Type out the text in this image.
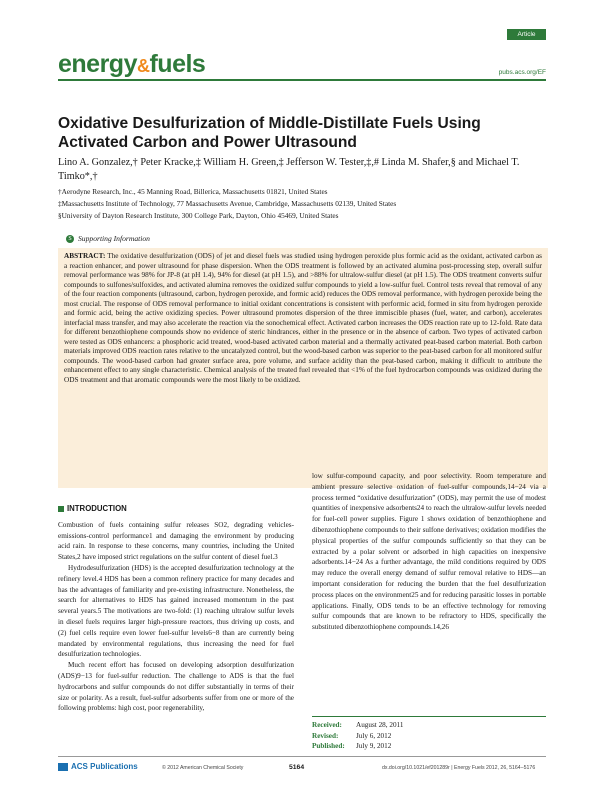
Article
energy&fuels	pubs.acs.org/EF
Oxidative Desulfurization of Middle-Distillate Fuels Using Activated Carbon and Power Ultrasound
Lino A. Gonzalez,† Peter Kracke,‡ William H. Green,‡ Jefferson W. Tester,‡,# Linda M. Shafer,§ and Michael T. Timko*,†
†Aerodyne Research, Inc., 45 Manning Road, Billerica, Massachusetts 01821, United States
‡Massachusetts Institute of Technology, 77 Massachusetts Avenue, Cambridge, Massachusetts 02139, United States
§University of Dayton Research Institute, 300 College Park, Dayton, Ohio 45469, United States
S Supporting Information
ABSTRACT: The oxidative desulfurization (ODS) of jet and diesel fuels was studied using hydrogen peroxide plus formic acid as the oxidant, activated carbon as a reaction enhancer, and power ultrasound for phase dispersion. When the ODS treatment is followed by an activated alumina post-processing step, overall sulfur removal performance was 98% for JP-8 (at pH 1.4), 94% for diesel (at pH 1.5), and >88% for ultralow-sulfur diesel (at pH 1.5). The ODS treatment converts sulfur compounds to sulfones/sulfoxides, and activated alumina removes the oxidized sulfur compounds to yield a low-sulfur fuel. Control tests reveal that removal of any of the four reaction components (ultrasound, carbon, hydrogen peroxide, and formic acid) reduces the ODS removal performance, with hydrogen peroxide being the most crucial. The response of ODS removal performance to initial oxidant concentrations is consistent with performic acid, formed in situ from hydrogen peroxide and formic acid, being the active oxidizing species. Power ultrasound promotes dispersion of the three immiscible phases (fuel, water, and carbon), accelerates interfacial mass transfer, and may also accelerate the reaction via the sonochemical effect. Activated carbon increases the ODS reaction rate up to 12-fold. Rate data for different benzothiophene compounds show no evidence of steric hindrances, either in the presence or in the absence of carbon. Two types of activated carbon were tested as ODS enhancers: a phosphoric acid treated, wood-based activated carbon material and a thermally activated peat-based carbon material. Both carbon materials improved ODS reaction rates relative to the uncatalyzed control, but the wood-based carbon was superior to the peat-based carbon for all monitored sulfur compounds. The wood-based carbon had greater surface area, pore volume, and surface acidity than the peat-based carbon, making it difficult to attribute the enhancement effect to any single characteristic. Chemical analysis of the treated fuel revealed that <1% of the fuel hydrocarbon compounds was oxidized during the ODS treatment and that aromatic compounds were the most likely to be oxidized.
INTRODUCTION

Combustion of fuels containing sulfur releases SO2, degrading vehicles-emissions-control performance1 and damaging the environment by producing acid rain. In response to these concerns, many countries, including the United States,2 have imposed strict regulations on the sulfur content of diesel fuel.3

Hydrodesulfurization (HDS) is the accepted desulfurization technology at the refinery level.4 HDS has been a common refinery practice for many decades and has the advantages of familiarity and pre-existing infrastructure. Nonetheless, the search for alternatives to HDS has gained increased momentum in the past several years.5 The motivations are two-fold: (1) reaching ultralow sulfur levels in diesel fuels requires larger high-pressure reactors, thus driving up costs, and (2) fuel cells require even lower fuel-sulfur levels6−8 than are currently being mandated by environmental regulations, thus increasing the need for fuel desulfurization technologies.

Much recent effort has focused on developing adsorption desulfurization (ADS)9−13 for fuel-sulfur reduction. The challenge to ADS is that the fuel hydrocarbons and sulfur compounds do not differ substantially in terms of their size or polarity. As a result, fuel-sulfur adsorbents suffer from one or more of the following problems: high cost, poor regenerability,

low sulfur-compound capacity, and poor selectivity. Room temperature and ambient pressure selective oxidation of fuel-sulfur compounds,14−24 via a process termed “oxidative desulfurization” (ODS), may permit the use of modest quantities of inexpensive adsorbents24 to reach the ultralow-sulfur levels needed for fuel-cell power supplies. Figure 1 shows oxidation of benzothiophene and dibenzothiophene compounds to their sulfone derivatives; oxidation modifies the physical properties of the sulfur compounds sufficiently so that they can be extracted by a polar solvent or adsorbed in high capacities on inexpensive adsorbents.14−24 As a further advantage, the mild conditions required by ODS may reduce the overall energy demand of sulfur removal relative to HDS—an important consideration for reducing the burden that the fuel desulfurization process places on the environment25 and for reducing parasitic losses in portable applications. Finally, ODS tends to be an effective technology for removing sulfur compounds that are known to be refractory to HDS, specifically the substituted dibenzothiophene compounds.14,26

Received: August 28, 2011
Revised: July 6, 2012
Published: July 9, 2012
ACS Publications	© 2012 American Chemical Society	5164	dx.doi.org/10.1021/ef201289r | Energy Fuels 2012, 26, 5164−5176
